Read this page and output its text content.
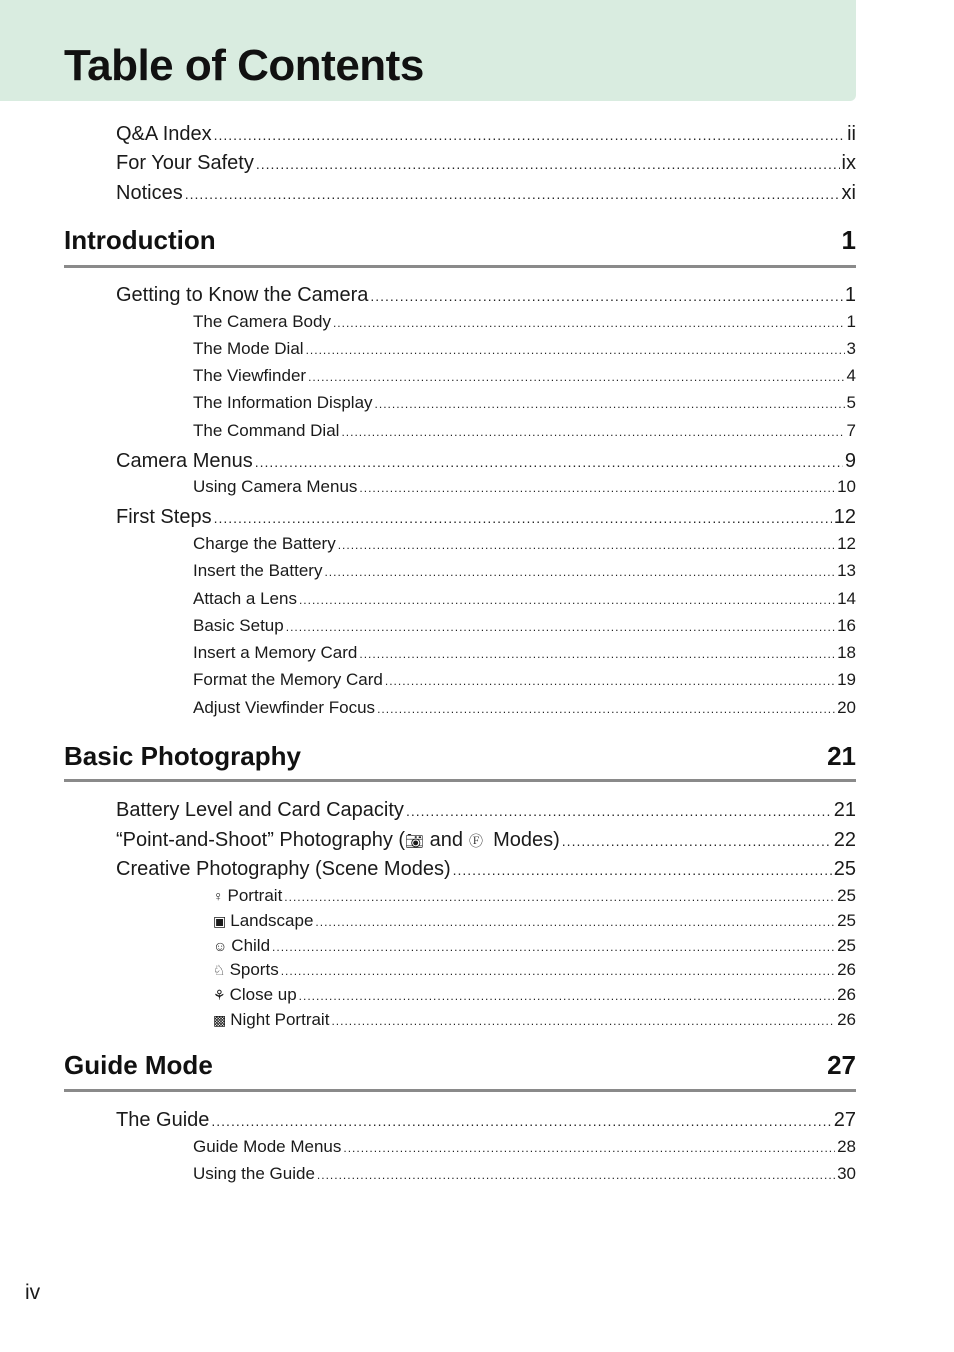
Table of Contents
Q&A Index .....	ii
For Your Safety .....	ix
Notices .....	xi
Introduction	1
Getting to Know the Camera .....	1
The Camera Body .....	1
The Mode Dial .....	3
The Viewfinder .....	4
The Information Display .....	5
The Command Dial .....	7
Camera Menus .....	9
Using Camera Menus .....	10
First Steps .....	12
Charge the Battery .....	12
Insert the Battery .....	13
Attach a Lens .....	14
Basic Setup .....	16
Insert a Memory Card .....	18
Format the Memory Card .....	19
Adjust Viewfinder Focus .....	20
Basic Photography	21
Battery Level and Card Capacity .....	21
“Point-and-Shoot” Photography (📷︎ and Ⓕ Modes) .....	22
Creative Photography (Scene Modes) .....	25
♀ Portrait .....	25
▣ Landscape .....	25
☺ Child .....	25
♘ Sports .....	26
⚘ Close up .....	26
▩ Night Portrait .....	26
Guide Mode	27
The Guide .....	27
Guide Mode Menus .....	28
Using the Guide .....	30
iv
